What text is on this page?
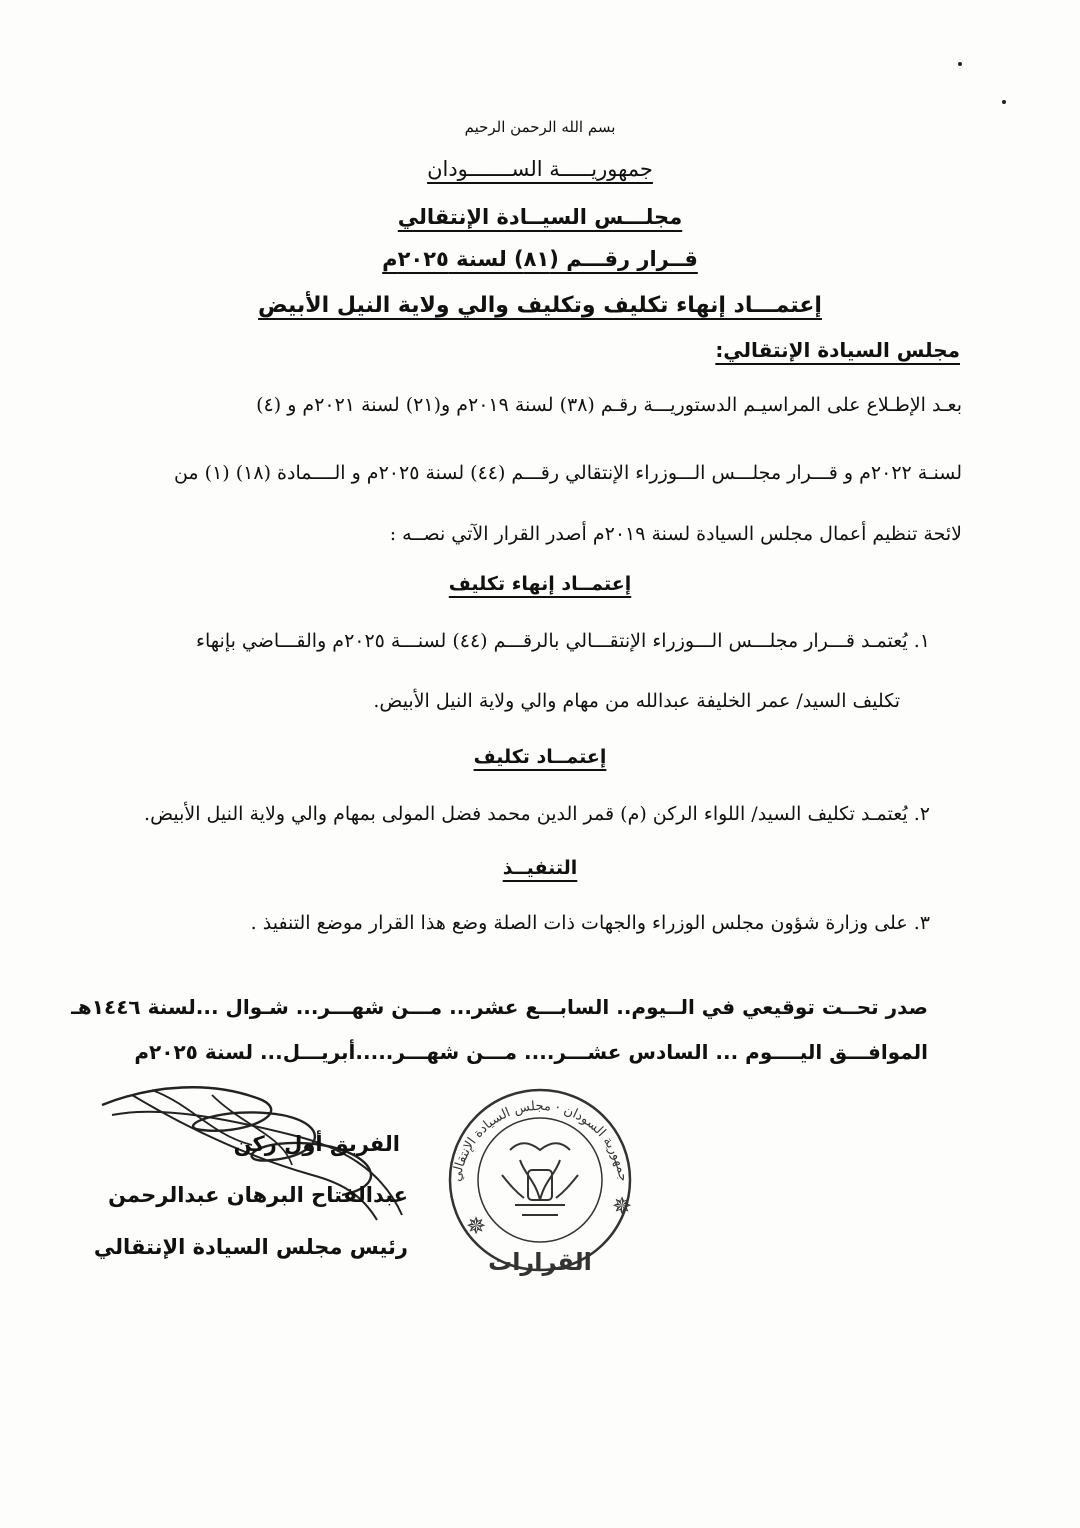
بسم الله الرحمن الرحيم
جمهوريـــــة الســـــــودان
مجلـــس السيــادة الإنتقالي
قــرار رقـــم (٨١) لسنة ٢٠٢٥م
إعتمـــاد إنهاء تكليف وتكليف والي ولاية النيل الأبيض
مجلس السيادة الإنتقالي:
بعـد الإطـلاع على المراسيـم الدستوريـــة رقـم (٣٨) لسنة ٢٠١٩م و(٢١) لسنة ٢٠٢١م و (٤)
لسنـة ٢٠٢٢م و قـــرار مجلـــس الـــوزراء الإنتقالي رقـــم (٤٤) لسنة ٢٠٢٥م و الــــمادة (١٨) (١) من
لائحة تنظيم أعمال مجلس السيادة لسنة ٢٠١٩م أصدر القرار الآتي نصــه :
إعتمــاد إنهاء تكليف
١. يُعتمـد قـــرار مجلـــس الـــوزراء الإنتقـــالي بالرقـــم (٤٤) لسنـــة ٢٠٢٥م والقـــاضي بإنهاء
تكليف السيد/ عمر الخليفة عبدالله من مهام والي ولاية النيل الأبيض.
إعتمــاد تكليف
٢. يُعتمـد تكليف السيد/ اللواء الركن (م) قمر الدين محمد فضل المولى بمهام والي ولاية النيل الأبيض.
التنفيــذ
٣. على وزارة شؤون مجلس الوزراء والجهات ذات الصلة وضع هذا القرار موضع التنفيذ .
صدر تحــت توقيعي في الــيوم.. السابـــع عشر... مـــن شهـــر... شـوال ...لسنة ١٤٤٦هـ
الموافـــق اليــــوم ... السادس عشـــر.... مـــن شهـــر.....أبريـــل... لسنة ٢٠٢٥م
جمهورية السودان · مجلس السيادة الإنتقالي
القرارات
✵
✵
الفريق أول ركن
عبدالفتاح البرهان عبدالرحمن
رئيس مجلس السيادة الإنتقالي
